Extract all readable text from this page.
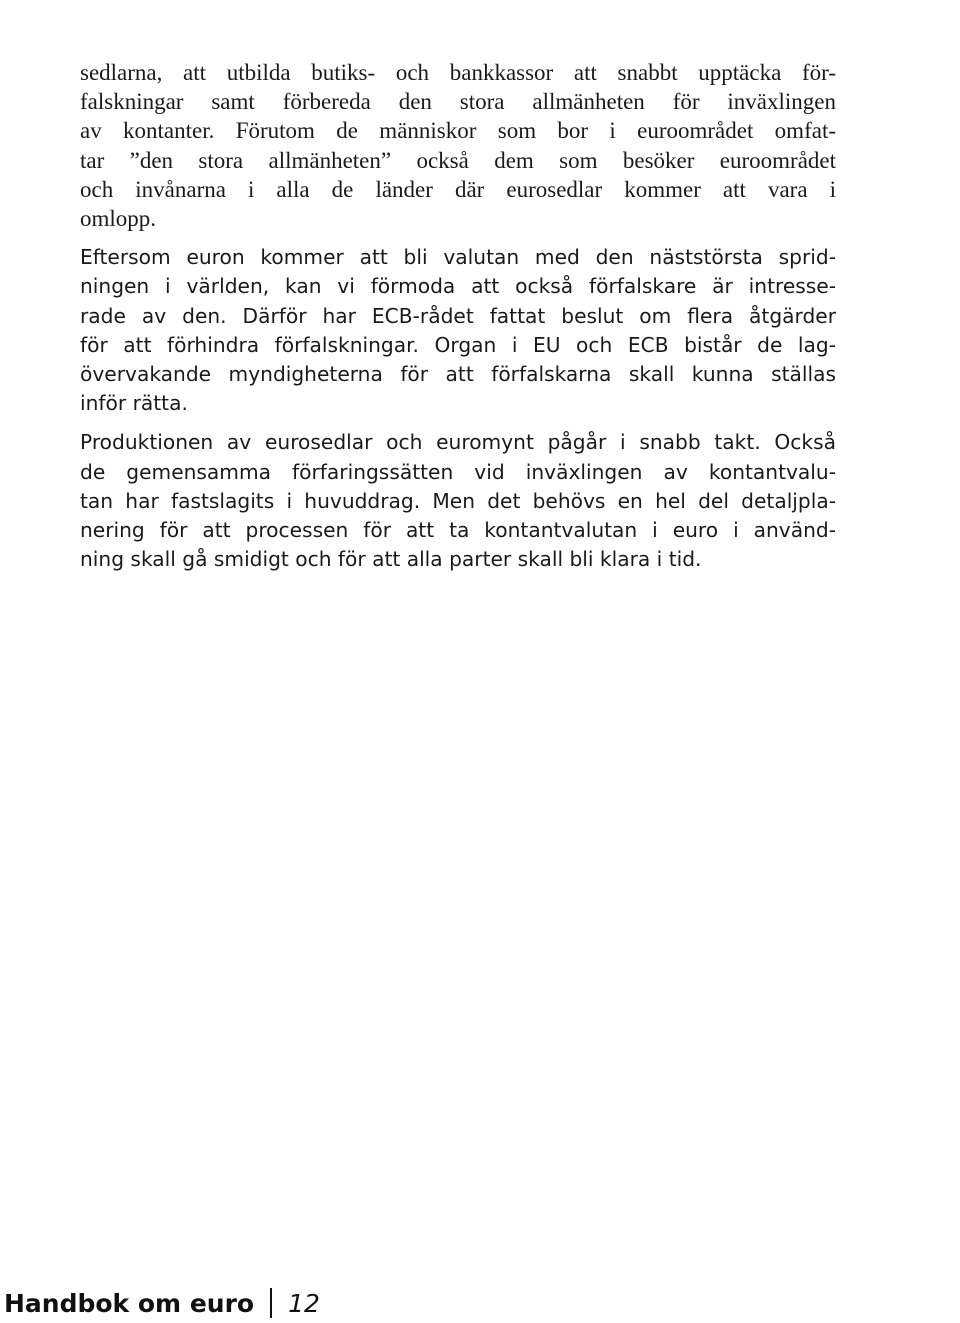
sedlarna, att utbilda butiks- och bankkassor att snabbt upptäcka för-
falskningar samt förbereda den stora allmänheten för inväxlingen
av kontanter. Förutom de människor som bor i euroområdet omfat-
tar ”den stora allmänheten” också dem som besöker euroområdet
och invånarna i alla de länder där eurosedlar kommer att vara i
omlopp.

Eftersom euron kommer att bli valutan med den näststörsta sprid-
ningen i världen, kan vi förmoda att också förfalskare är intresse-
rade av den. Därför har ECB-rådet fattat beslut om flera åtgärder
för att förhindra förfalskningar. Organ i EU och ECB bistår de lag-
övervakande myndigheterna för att förfalskarna skall kunna ställas
inför rätta.

Produktionen av eurosedlar och euromynt pågår i snabb takt. Också
de gemensamma förfaringssätten vid inväxlingen av kontantvalu-
tan har fastslagits i huvuddrag. Men det behövs en hel del detaljpla-
nering för att processen för att ta kontantvalutan i euro i använd-
ning skall gå smidigt och för att alla parter skall bli klara i tid.

Handbok om euro 12
